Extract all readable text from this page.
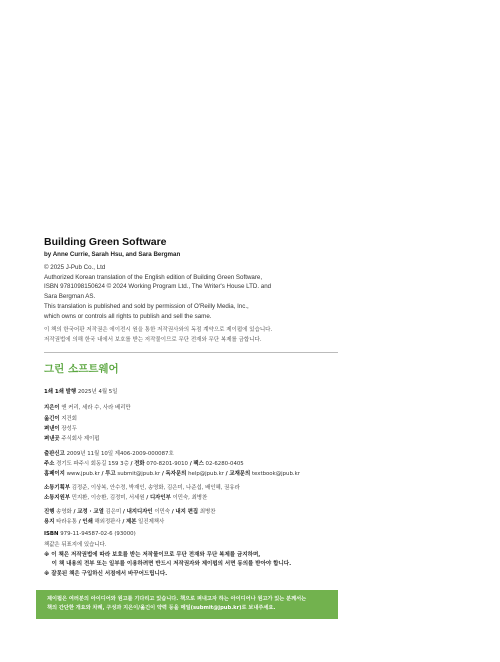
Building Green Software
by Anne Currie, Sarah Hsu, and Sara Bergman
© 2025 J-Pub Co., Ltd
Authorized Korean translation of the English edition of Building Green Software,
ISBN 9781098150624 © 2024 Working Program Ltd., The Writer's House LTD. and
Sara Bergman AS.
This translation is published and sold by permission of O'Reilly Media, Inc.,
which owns or controls all rights to publish and sell the same.
이 책의 한국어판 저작권은 에이전시 원을 통한 저작권사와의 독점 계약으로 제이펍에 있습니다.
저작권법에 의해 한국 내에서 보호를 받는 저작물이므로 무단 전재와 무단 복제를 금합니다.
그린 소프트웨어
1쇄 1쇄 발행 2025년 4월 5일
지은이 앤 커리, 세라 수, 사라 베리만
옮긴이 지건회
펴낸이 장성두
펴낸곳 주식회사 제이펍
출판신고 2009년 11월 10일 제406-2009-000087호
주소 경기도 파주시 회동길 159 3층 / 전화 070-8201-9010 / 팩스 02-6280-0405
홈페이지 www.jpub.kr / 투고 submit@jpub.kr / 독자문의 help@jpub.kr / 교재문의 textbook@jpub.kr
소통기획부 김정준, 이상복, 안수정, 박재인, 송영화, 김은미, 나준섭, 배인혜, 권유라
소통지원부 민지환, 이승환, 김정미, 서세원 / 디자인부 이민숙, 최병찬
진행 송영화 / 교정 · 교열 김은미 / 내지디자인 이민숙 / 내지 편집 최병찬
용지 타라유통 / 인쇄 해외정판사 / 제본 일진제책사
ISBN 979-11-94587-02-6 (93000)
책값은 뒤표지에 있습니다.
※ 이 책은 저작권법에 따라 보호를 받는 저작물이므로 무단 전재와 무단 복제를 금지하며,
이 책 내용의 전부 또는 일부를 이용하려면 반드시 저작권자와 제이펍의 서면 동의를 받아야 합니다.
※ 잘못된 책은 구입하신 서점에서 바꾸어드립니다.
제이펍은 여러분의 아이디어와 원고를 기다리고 있습니다. 책으로 펴내고자 하는 아이디어나 원고가 있는 분께서는
책의 간단한 개요와 차례, 구성과 지은이/옮긴이 약력 등을 메일(submit@jpub.kr)로 보내주세요.
